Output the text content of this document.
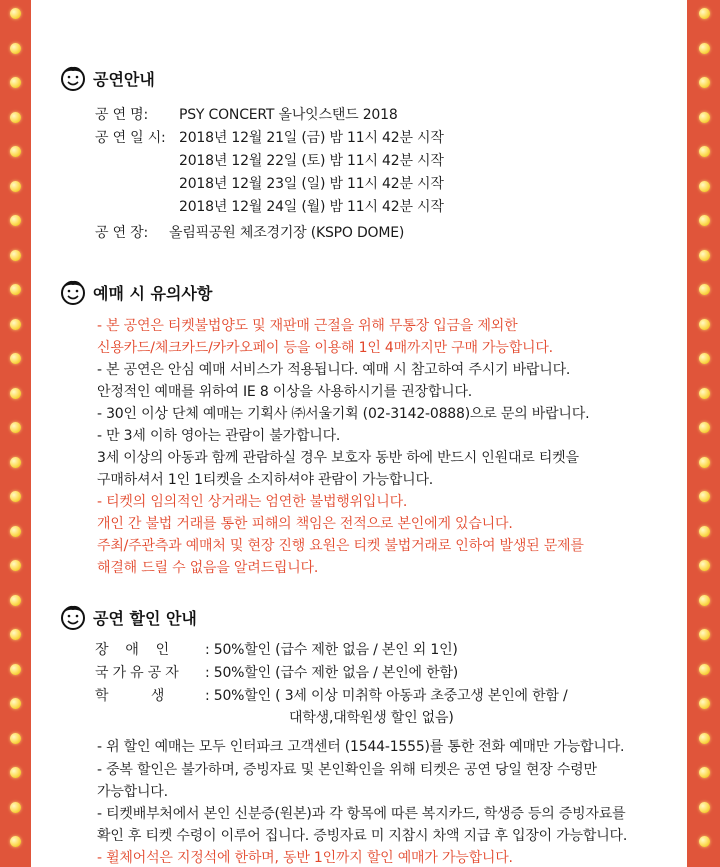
공연안내
공 연 명: PSY CONCERT 올나잇스탠드 2018
공 연 일 시: 2018년 12월 21일 (금) 밤 11시 42분 시작
2018년 12월 22일 (토) 밤 11시 42분 시작
2018년 12월 23일 (일) 밤 11시 42분 시작
2018년 12월 24일 (월) 밤 11시 42분 시작
공 연 장: 올림픽공원 체조경기장 (KSPO DOME)
예매 시 유의사항
- 본 공연은 티켓불법양도 및 재판매 근절을 위해 무통장 입금을 제외한
신용카드/체크카드/카카오페이 등을 이용해 1인 4매까지만 구매 가능합니다.
- 본 공연은 안심 예매 서비스가 적용됩니다. 예매 시 참고하여 주시기 바랍니다.
안정적인 예매를 위하여 IE 8 이상을 사용하시기를 권장합니다.
- 30인 이상 단체 예매는 기획사 ㈜서울기획 (02-3142-0888)으로 문의 바랍니다.
- 만 3세 이하 영아는 관람이 불가합니다.
3세 이상의 아동과 함께 관람하실 경우 보호자 동반 하에 반드시 인원대로 티켓을
구매하셔서 1인 1티켓을 소지하셔야 관람이 가능합니다.
- 티켓의 임의적인 상거래는 엄연한 불법행위입니다.
개인 간 불법 거래를 통한 피해의 책임은 전적으로 본인에게 있습니다.
주최/주관측과 예매처 및 현장 진행 요원은 티켓 불법거래로 인하여 발생된 문제를
해결해 드릴 수 없음을 알려드립니다.
공연 할인 안내
장    애    인	: 50%할인 (급수 제한 없음 / 본인 외 1인)
국 가 유 공 자 : 50%할인 (급수 제한 없음 / 본인에 한함)
학          생	: 50%할인 ( 3세 이상 미취학 아동과 초중고생 본인에 한함 /
대학생,대학원생 할인 없음)
- 위 할인 예매는 모두 인터파크 고객센터 (1544-1555)를 통한 전화 예매만 가능합니다.
- 중복 할인은 불가하며, 증빙자료 및 본인확인을 위해 티켓은 공연 당일 현장 수령만
가능합니다.
- 티켓배부처에서 본인 신분증(원본)과 각 항목에 따른 복지카드, 학생증 등의 증빙자료를
확인 후 티켓 수령이 이루어 집니다. 증빙자료 미 지참시 차액 지급 후 입장이 가능합니다.
- 휠체어석은 지정석에 한하며, 동반 1인까지 할인 예매가 가능합니다.
